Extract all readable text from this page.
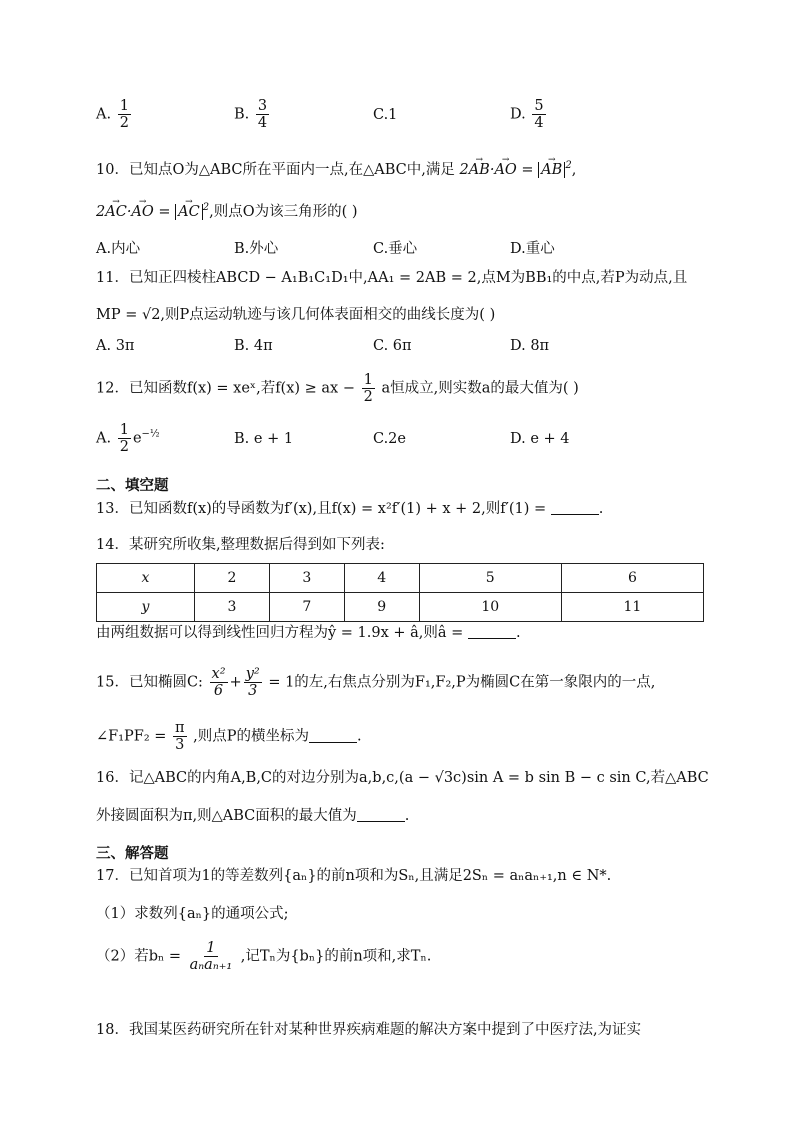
A. $\frac{1}{2}$	B. $\frac{3}{4}$	C.1	D. $\frac{5}{4}$
10．已知点O为△ABC所在平面内一点,在△ABC中,满足 2→ AB·→ AO = → AB $^2$,
2→ AC·→ AO = → AC $^2$,则点O为该三角形的( )
A.内心	B.外心	C.垂心	D.重心
11．已知正四棱柱ABCD − A₁B₁C₁D₁中,AA₁ = 2AB = 2,点M为BB₁的中点,若P为动点,且
MP = √2,则P点运动轨迹与该几何体表面相交的曲线长度为( )
A. 3π	B. 4π	C. 6π	D. 8π
12．已知函数f(x) = xeˣ,若f(x) ≥ ax − $\frac{1}{2}$ a恒成立,则实数a的最大值为( )
A. $\frac{1}{2} e^{-\frac{1}{2}}$	B. e + 1	C.2e	D. e + 4
二、填空题
13．已知函数f(x)的导函数为f′(x),且f(x) = x²f′(1) + x + 2,则f′(1) =	.
14．某研究所收集,整理数据后得到如下列表:
x	2	3	4	5	6
y	3	7	9	10	11
由两组数据可以得到线性回归方程为ŷ = 1.9x + â,则â =	.
15．已知椭圆C: $\frac{\text{x²}}{6} + \frac{\text{y²}}{3} = 1$的左,右焦点分别为F₁,F₂,P为椭圆C在第一象限内的一点,
∠F₁PF₂ = $\frac{\pi}{3}$ ,则点P的横坐标为	.
16．记△ABC的内角A,B,C的对边分别为a,b,c,(a − √3c)sin A = b sin B − c sin C,若△ABC
外接圆面积为π,则△ABC面积的最大值为	.
三、解答题
17．已知首项为1的等差数列{aₙ}的前n项和为Sₙ,且满足2Sₙ = aₙaₙ₊₁,n ∈ N*.
（1）求数列{aₙ}的通项公式;
（2）若$b_n = \frac{1}{\text{aₙaₙ₊₁}}$ ,记Tₙ为{bₙ}的前n项和,求Tₙ.
18．我国某医药研究所在针对某种世界疾病难题的解决方案中提到了中医疗法,为证实
